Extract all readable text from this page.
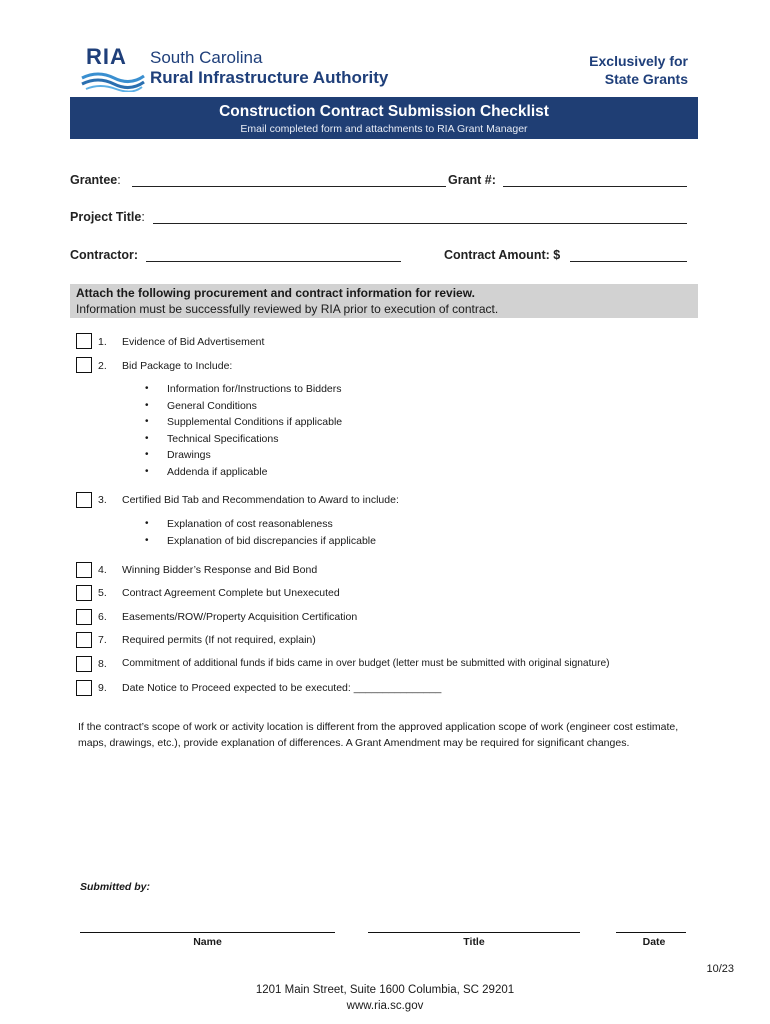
RIA South Carolina
Rural Infrastructure Authority
Exclusively for
State Grants
Construction Contract Submission Checklist
Email completed form and attachments to RIA Grant Manager
Grantee:	Grant #:
Project Title:
Contractor:	Contract Amount: $
Attach the following procurement and contract information for review.
Information must be successfully reviewed by RIA prior to execution of contract.
1. Evidence of Bid Advertisement
2. Bid Package to Include:
• Information for/Instructions to Bidders
• General Conditions
• Supplemental Conditions if applicable
• Technical Specifications
• Drawings
• Addenda if applicable
3. Certified Bid Tab and Recommendation to Award to include:
• Explanation of cost reasonableness
• Explanation of bid discrepancies if applicable
4. Winning Bidder’s Response and Bid Bond
5. Contract Agreement Complete but Unexecuted
6. Easements/ROW/Property Acquisition Certification
7. Required permits (If not required, explain)
8. Commitment of additional funds if bids came in over budget (letter must be submitted with original signature)
9. Date Notice to Proceed expected to be executed: _______________
If the contract’s scope of work or activity location is different from the approved application scope of work (engineer cost estimate, maps, drawings, etc.), provide explanation of differences. A Grant Amendment may be required for significant changes.
Submitted by:
Name	Title	Date
10/23
1201 Main Street, Suite 1600 Columbia, SC 29201
www.ria.sc.gov
